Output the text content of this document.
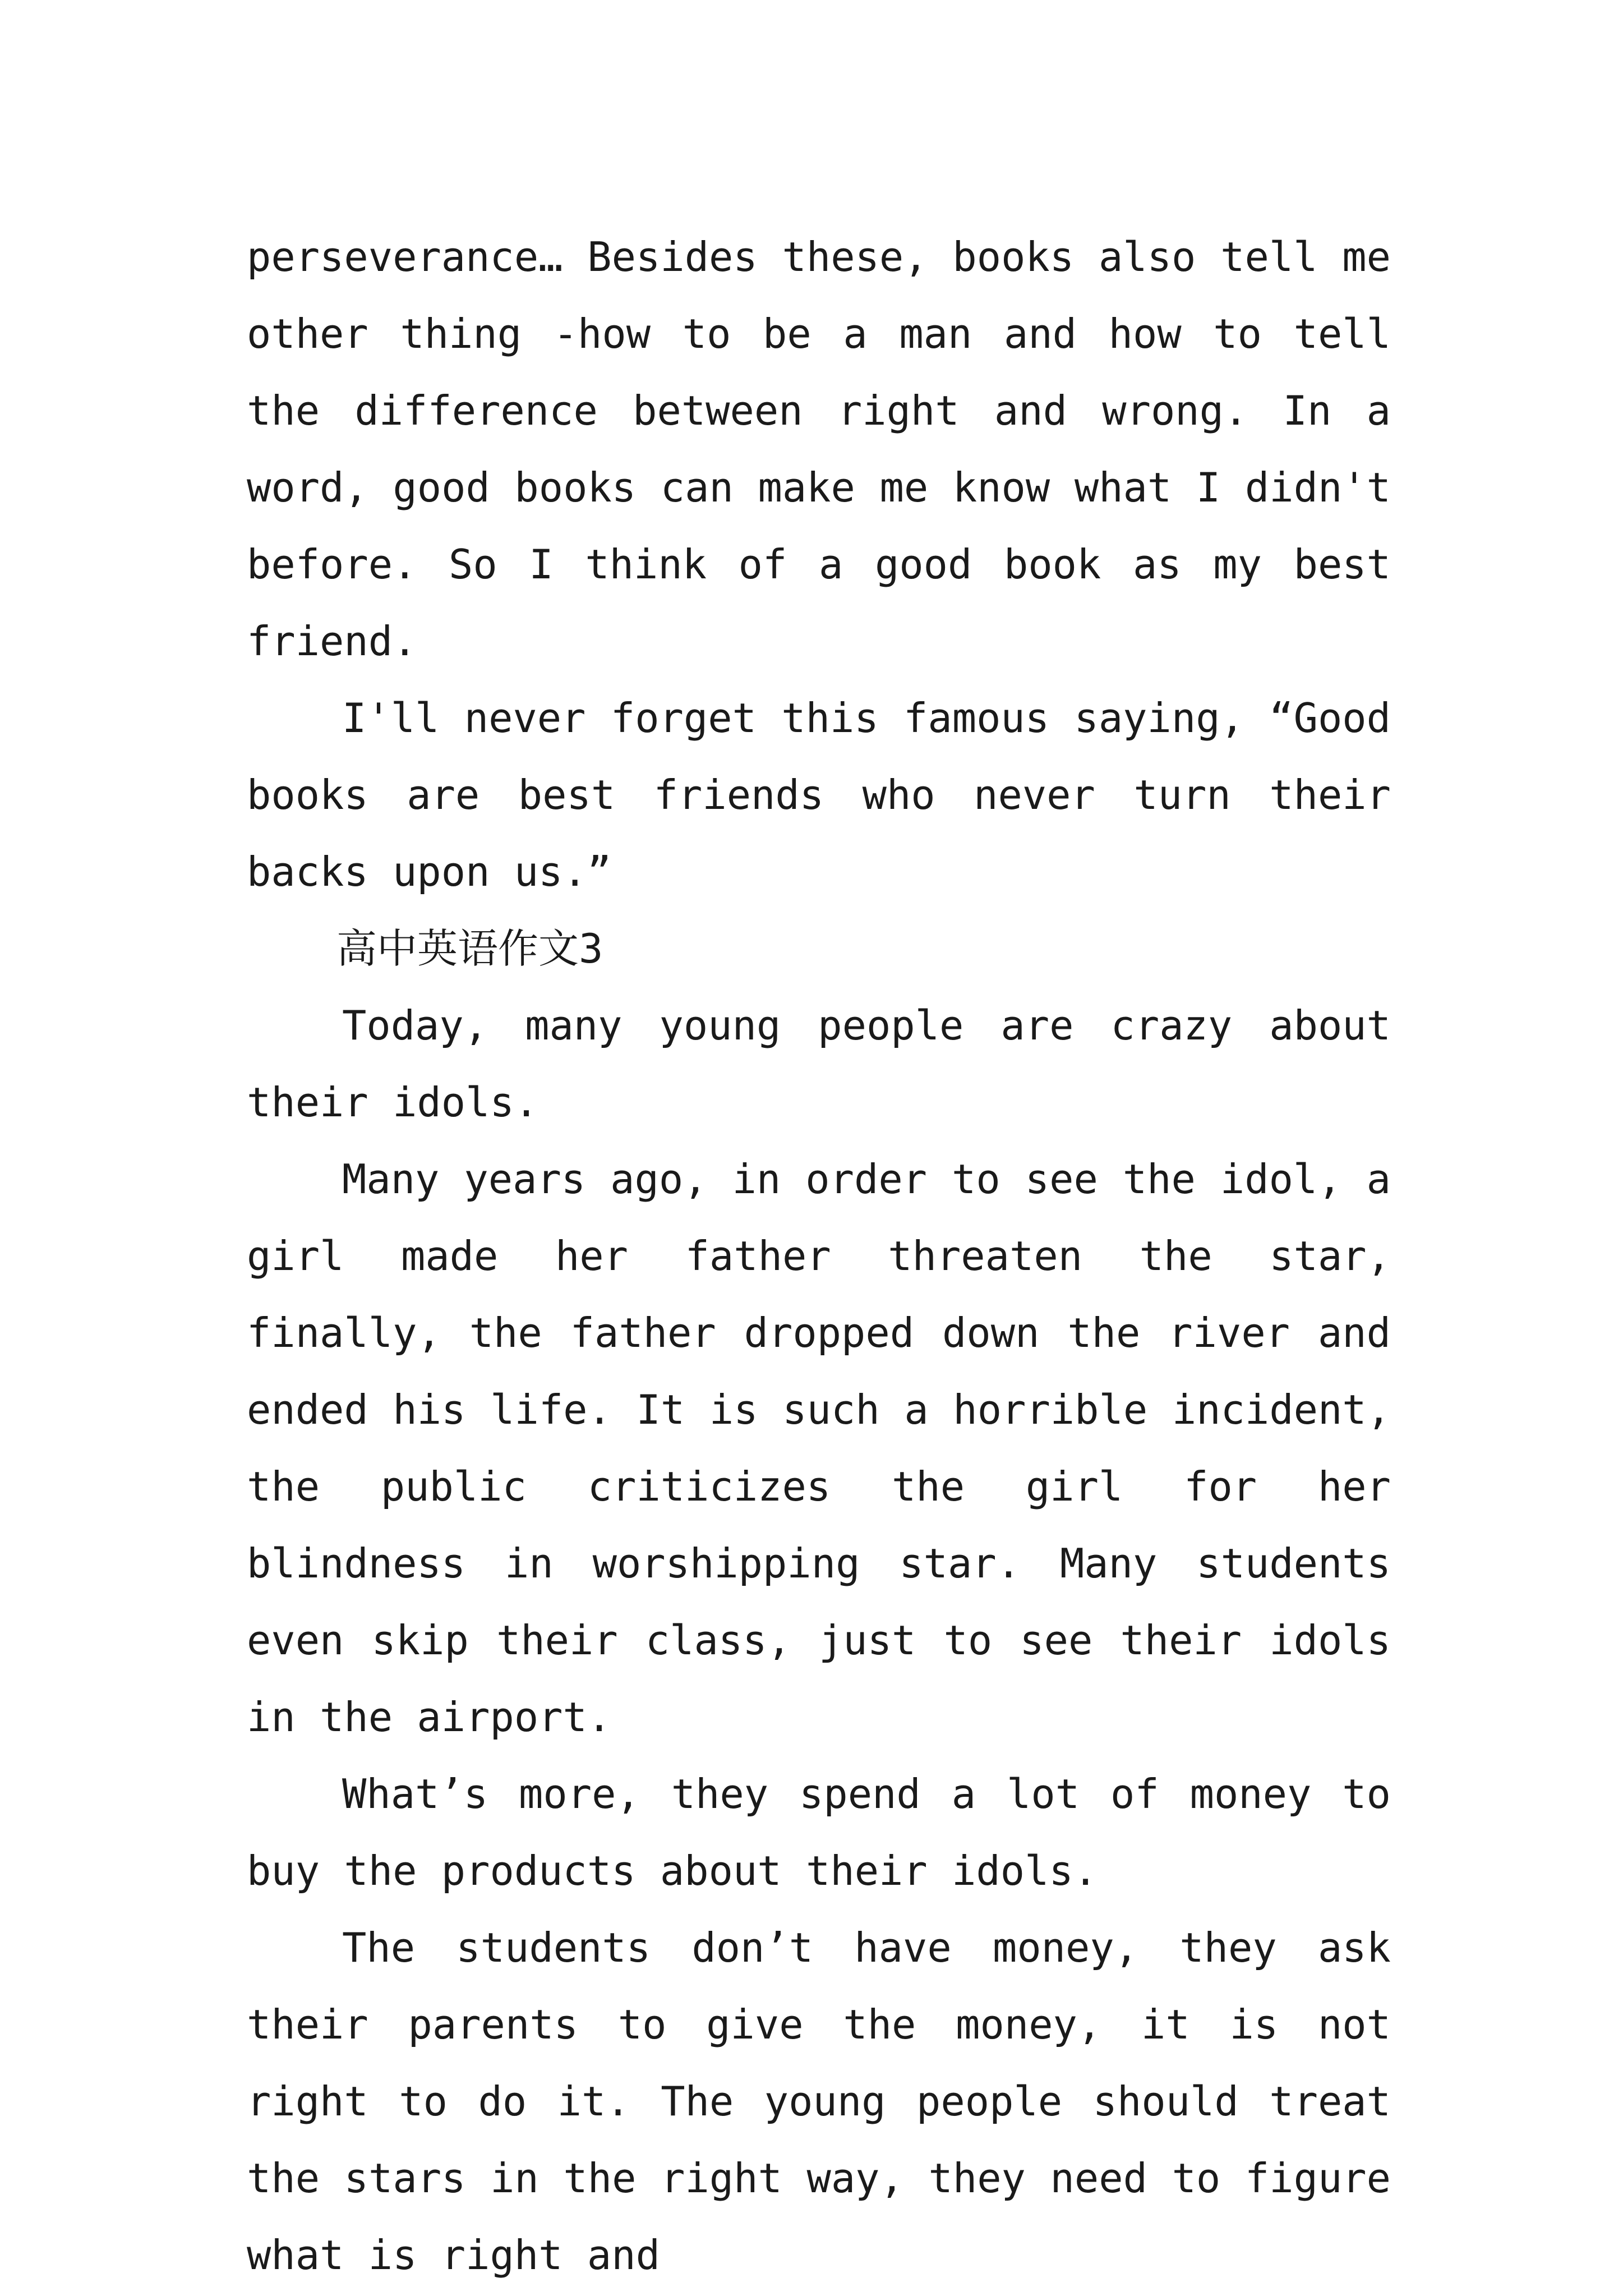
perseverance… Besides these, books also tell me other thing -how to be a man and how to tell the difference between right and wrong. In a word, good books can make me know what I didn't before. So I think of a good book as my best friend.

I'll never forget this famous saying, “Good books are best friends who never turn their backs upon us.”

高中英语作文3

Today, many young people are crazy about their idols.

Many years ago, in order to see the idol, a girl made her father threaten the star, finally, the father dropped down the river and ended his life. It is such a horrible incident, the public criticizes the girl for her blindness in worshipping star. Many students even skip their class, just to see their idols in the airport.

What’s more, they spend a lot of money to buy the products about their idols.

The students don’t have money, they ask their parents to give the money, it is not right to do it. The young people should treat the stars in the right way, they need to figure what is right and
